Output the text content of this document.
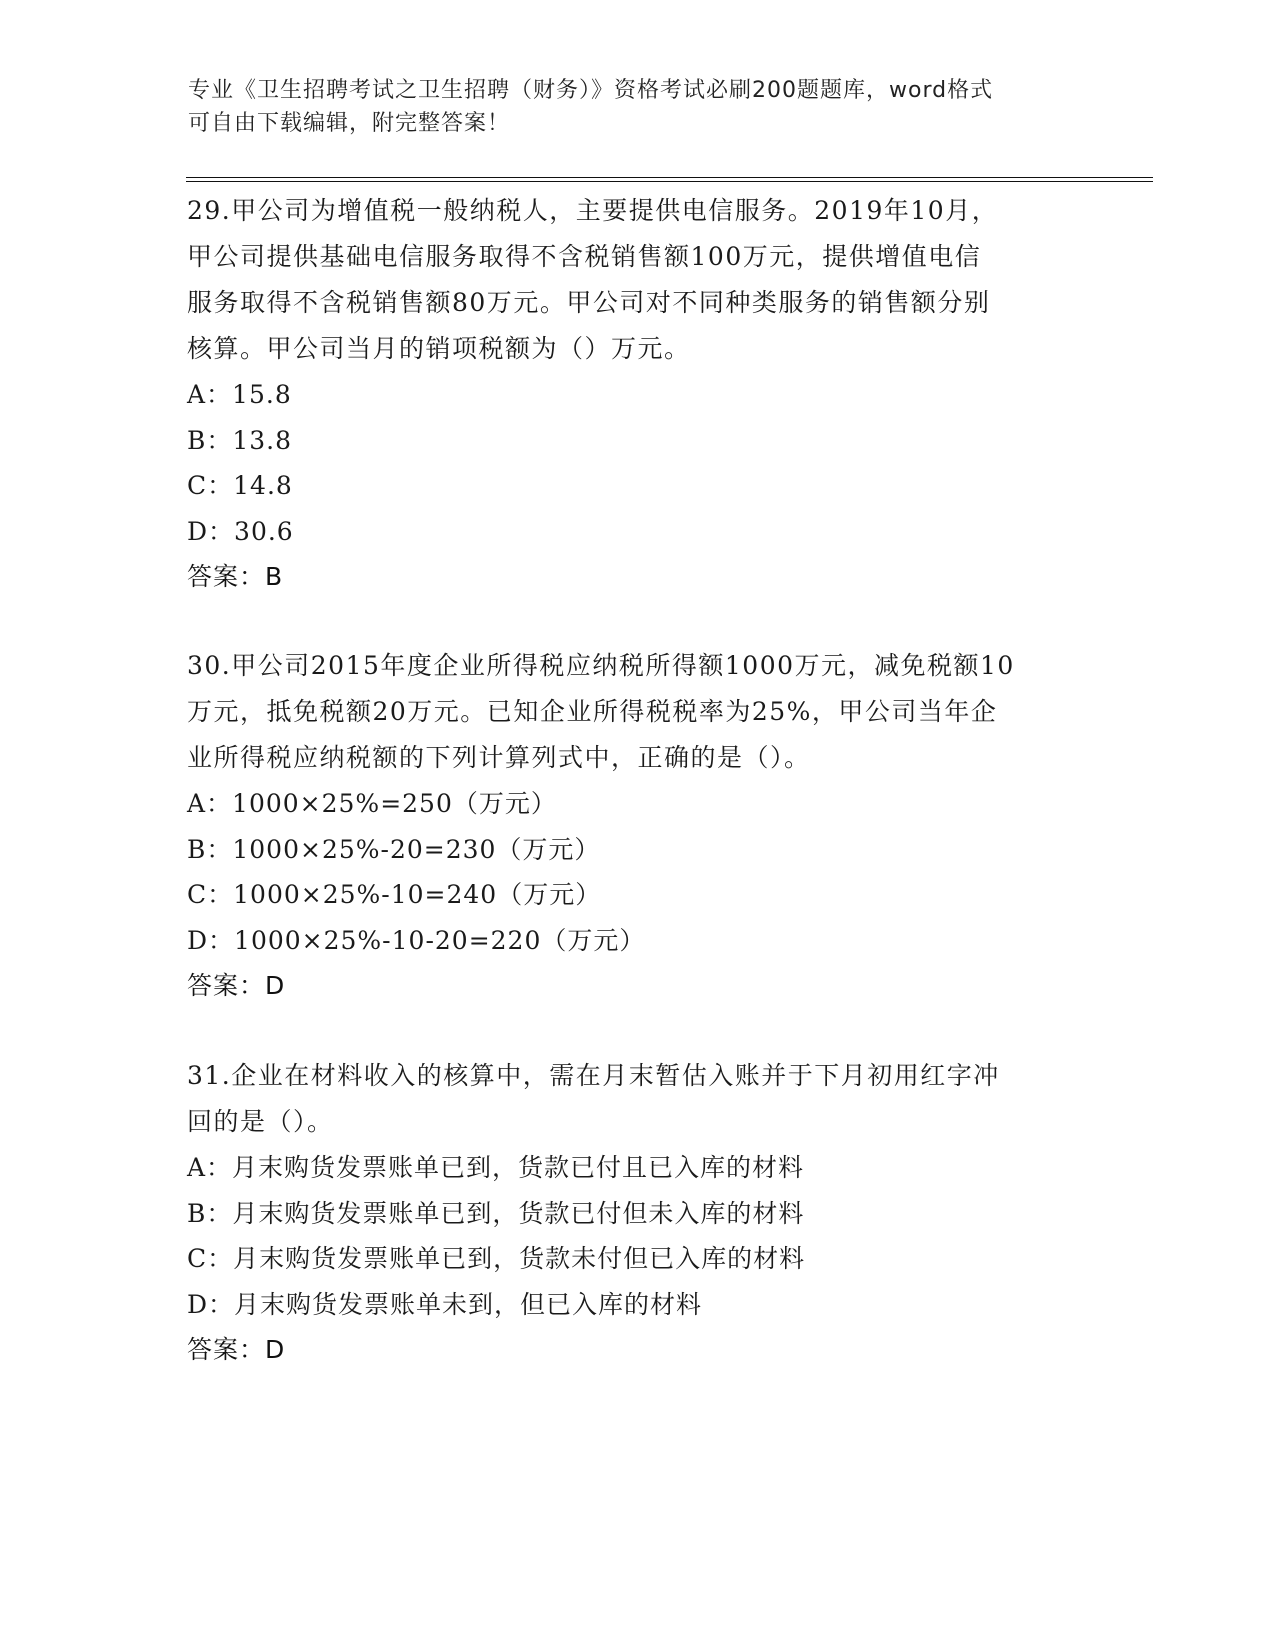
专业《卫生招聘考试之卫生招聘（财务）》资格考试必刷200题题库，word格式
可自由下载编辑，附完整答案！
29.甲公司为增值税一般纳税人，主要提供电信服务。2019年10月，
甲公司提供基础电信服务取得不含税销售额100万元，提供增值电信
服务取得不含税销售额80万元。甲公司对不同种类服务的销售额分别
核算。甲公司当月的销项税额为（）万元。
A：15.8
B：13.8
C：14.8
D：30.6
答案：B
30.甲公司2015年度企业所得税应纳税所得额1000万元，减免税额10
万元，抵免税额20万元。已知企业所得税税率为25%，甲公司当年企
业所得税应纳税额的下列计算列式中，正确的是（）。
A：1000×25%=250（万元）
B：1000×25%-20=230（万元）
C：1000×25%-10=240（万元）
D：1000×25%-10-20=220（万元）
答案：D
31.企业在材料收入的核算中，需在月末暂估入账并于下月初用红字冲
回的是（）。
A：月末购货发票账单已到，货款已付且已入库的材料
B：月末购货发票账单已到，货款已付但未入库的材料
C：月末购货发票账单已到，货款未付但已入库的材料
D：月末购货发票账单未到，但已入库的材料
答案：D
